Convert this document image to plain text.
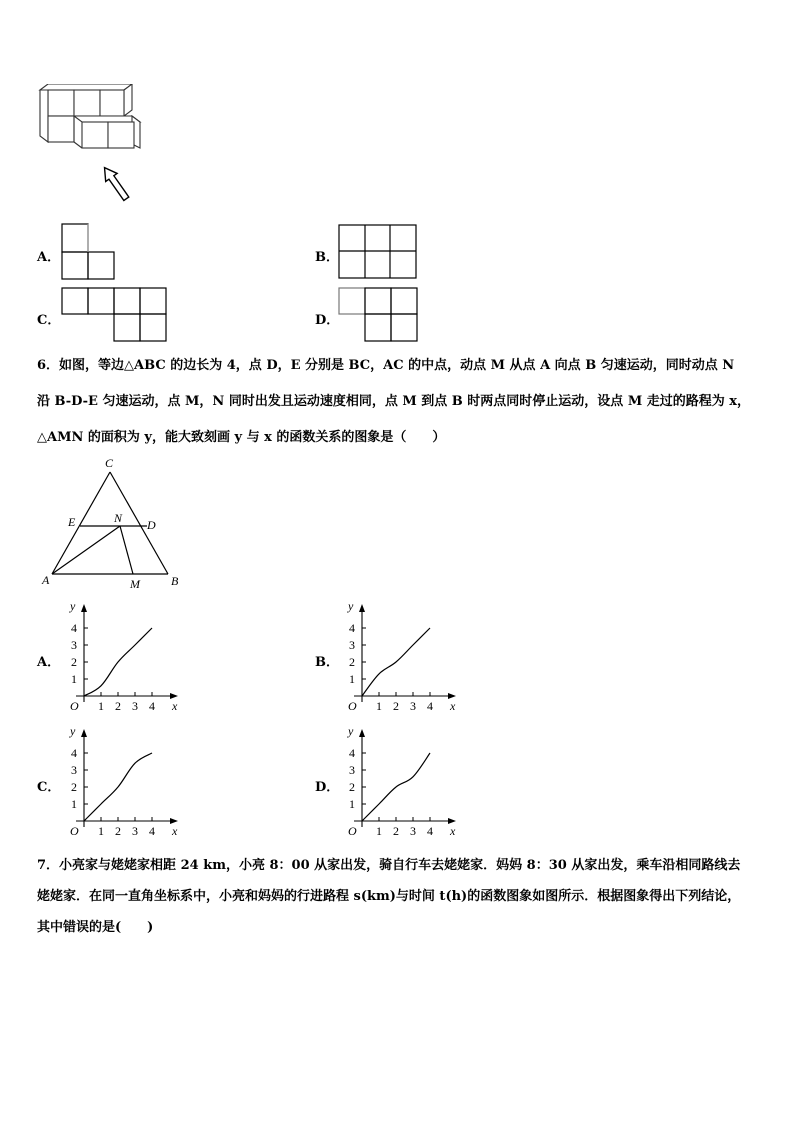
A．	B．
C．	D．
6．如图，等边△ABC 的边长为 4，点 D，E 分别是 BC，AC 的中点，动点 M 从点 A 向点 B 匀速运动，同时动点 N
沿 B-D-E 匀速运动，点 M，N 同时出发且运动速度相同，点 M 到点 B 时两点同时停止运动，设点 M 走过的路程为 x，
△AMN 的面积为 y，能大致刻画 y 与 x 的函数关系的图象是（　　）
C
E	N D
A	M	B
A．	B．
C．	D．
1
1
2
2
3
3
4
4
O
y
x
1
1
2
2
3
3
4
4
O
y
x
1
1
2
2
3
3
4
4
O
y
x
1
1
2
2
3
3
4
4
O
y
x
7．小亮家与姥姥家相距 24 km，小亮 8：00 从家出发，骑自行车去姥姥家．妈妈 8：30 从家出发，乘车沿相同路线去
姥姥家．在同一直角坐标系中，小亮和妈妈的行进路程 s(km)与时间 t(h)的函数图象如图所示．根据图象得出下列结论，
其中错误的是(　　)
